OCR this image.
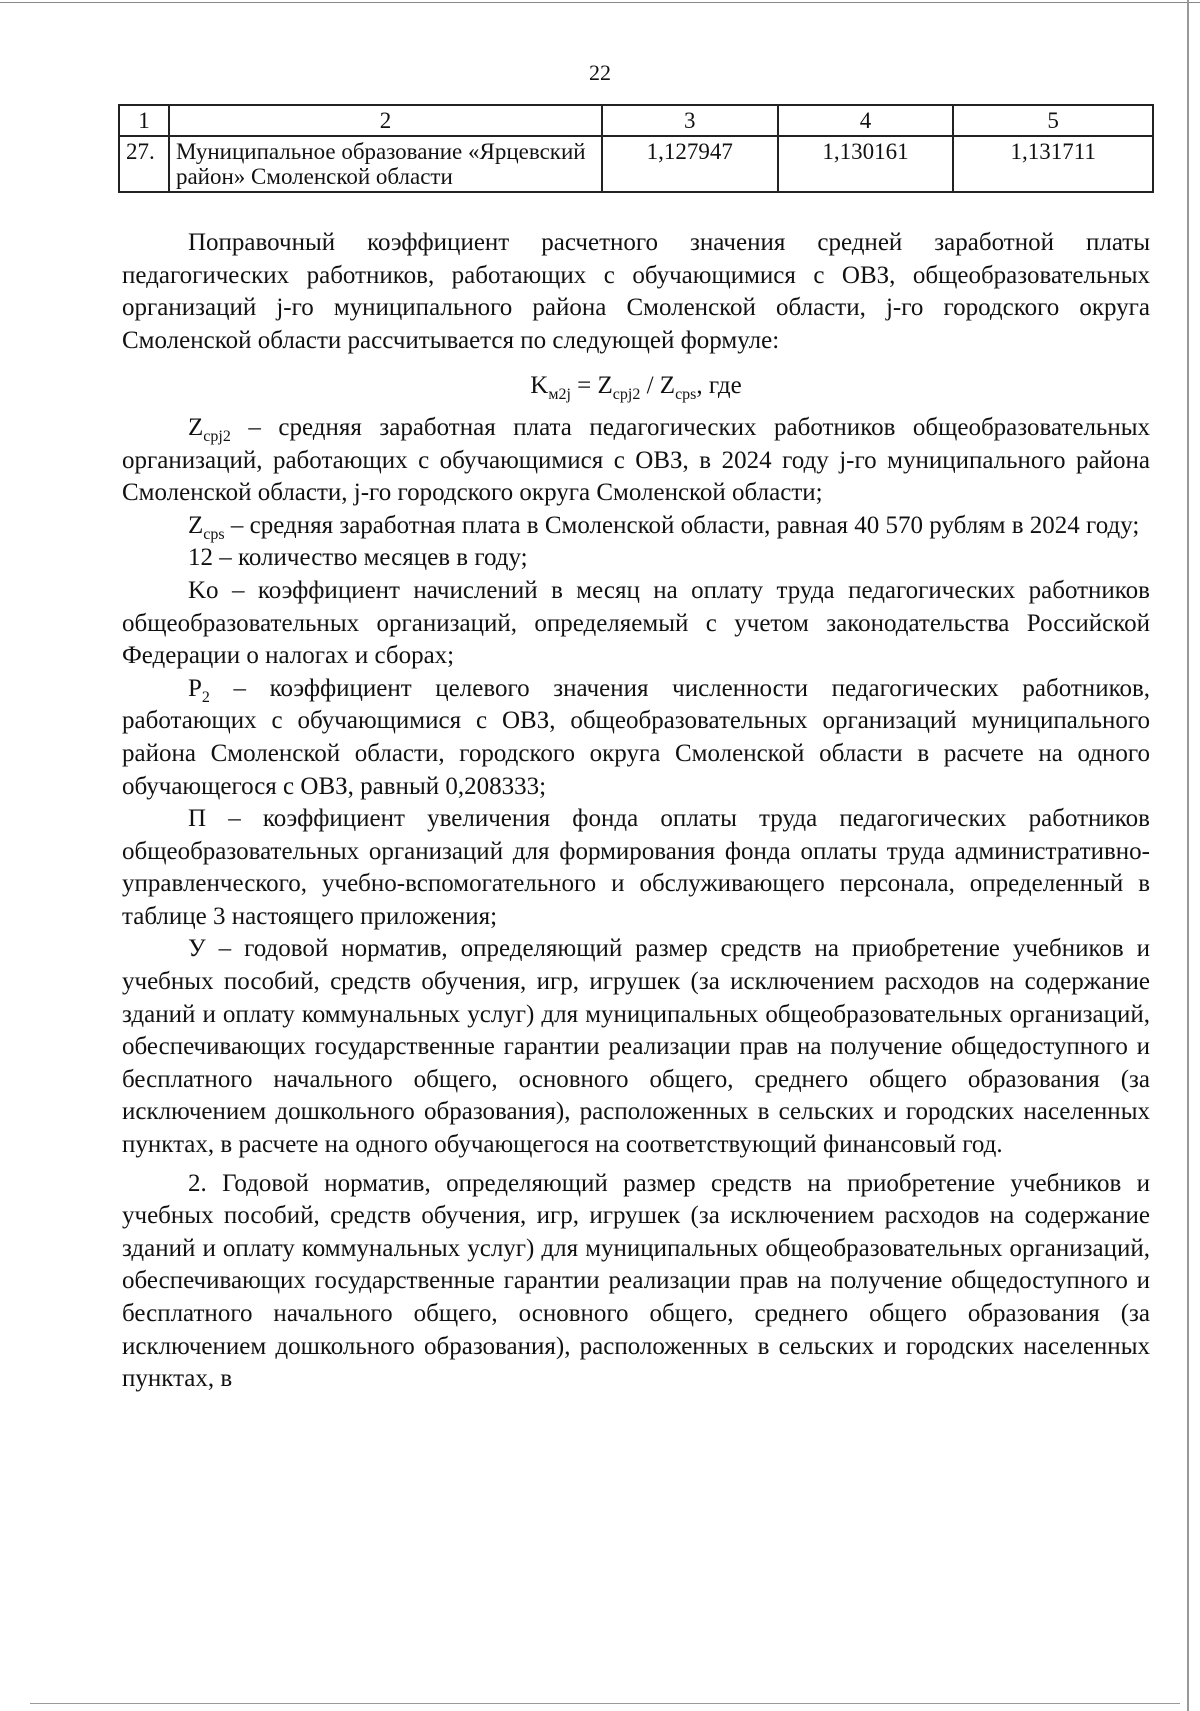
22
1	2	3	4	5
27.	Муниципальное образование «Ярцевский район» Смоленской области	1,127947	1,130161	1,131711

Поправочный коэффициент расчетного значения средней заработной платы педагогических работников, работающих с обучающимися с ОВЗ, общеобразовательных организаций j-го муниципального района Смоленской области, j-го городского округа Смоленской области рассчитывается по следующей формуле:

$K_{м2j} = Z_{cpj2} / Z_{cps}$, где

$Z_{cpj2}$ – средняя заработная плата педагогических работников общеобразовательных организаций, работающих с обучающимися с ОВЗ, в 2024 году j-го муниципального района Смоленской области, j-го городского округа Смоленской области;

$Z_{cps}$ – средняя заработная плата в Смоленской области, равная 40 570 рублям в 2024 году;

12 – количество месяцев в году;

Ko – коэффициент начислений в месяц на оплату труда педагогических работников общеобразовательных организаций, определяемый с учетом законодательства Российской Федерации о налогах и сборах;

$P_2$ – коэффициент целевого значения численности педагогических работников, работающих с обучающимися с ОВЗ, общеобразовательных организаций муниципального района Смоленской области, городского округа Смоленской области в расчете на одного обучающегося с ОВЗ, равный 0,208333;

П – коэффициент увеличения фонда оплаты труда педагогических работников общеобразовательных организаций для формирования фонда оплаты труда административно-управленческого, учебно-вспомогательного и обслуживающего персонала, определенный в таблице 3 настоящего приложения;

У – годовой норматив, определяющий размер средств на приобретение учебников и учебных пособий, средств обучения, игр, игрушек (за исключением расходов на содержание зданий и оплату коммунальных услуг) для муниципальных общеобразовательных организаций, обеспечивающих государственные гарантии реализации прав на получение общедоступного и бесплатного начального общего, основного общего, среднего общего образования (за исключением дошкольного образования), расположенных в сельских и городских населенных пунктах, в расчете на одного обучающегося на соответствующий финансовый год.

2. Годовой норматив, определяющий размер средств на приобретение учебников и учебных пособий, средств обучения, игр, игрушек (за исключением расходов на содержание зданий и оплату коммунальных услуг) для муниципальных общеобразовательных организаций, обеспечивающих государственные гарантии реализации прав на получение общедоступного и бесплатного начального общего, основного общего, среднего общего образования (за исключением дошкольного образования), расположенных в сельских и городских населенных пунктах, в
